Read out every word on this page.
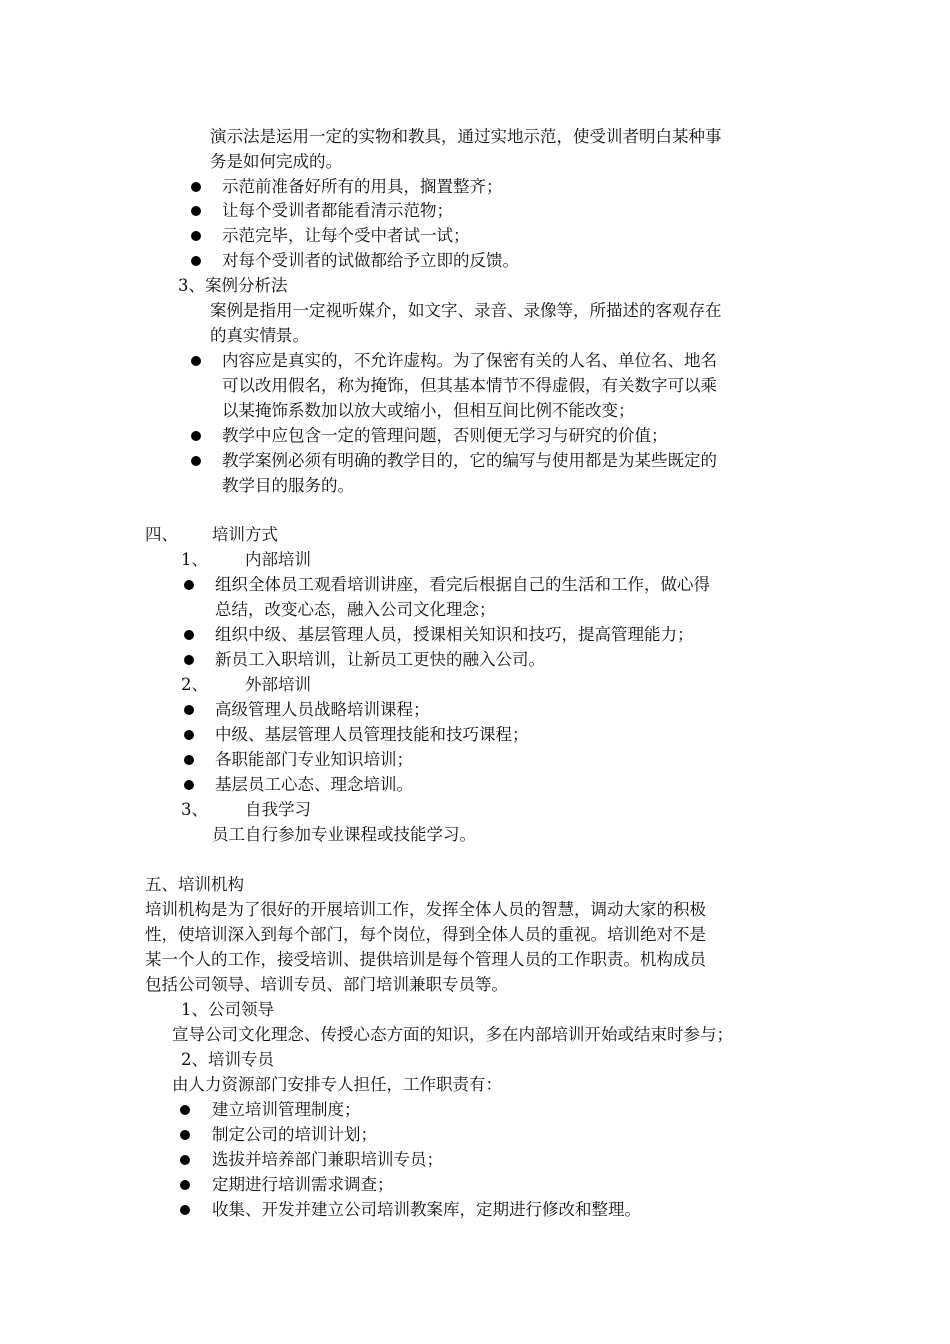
演示法是运用一定的实物和教具，通过实地示范，使受训者明白某种事
务是如何完成的。
示范前准备好所有的用具，搁置整齐；
让每个受训者都能看清示范物；
示范完毕，让每个受中者试一试；
对每个受训者的试做都给予立即的反馈。
3、案例分析法
案例是指用一定视听媒介，如文字、录音、录像等，所描述的客观存在
的真实情景。
内容应是真实的，不允许虚构。为了保密有关的人名、单位名、地名
可以改用假名，称为掩饰，但其基本情节不得虚假，有关数字可以乘
以某掩饰系数加以放大或缩小，但相互间比例不能改变；
教学中应包含一定的管理问题，否则便无学习与研究的价值；
教学案例必须有明确的教学目的，它的编写与使用都是为某些既定的
教学目的服务的。
四、 培训方式
1、 内部培训
组织全体员工观看培训讲座，看完后根据自己的生活和工作，做心得
总结，改变心态，融入公司文化理念；
组织中级、基层管理人员，授课相关知识和技巧，提高管理能力；
新员工入职培训，让新员工更快的融入公司。
2、 外部培训
高级管理人员战略培训课程；
中级、基层管理人员管理技能和技巧课程；
各职能部门专业知识培训；
基层员工心态、理念培训。
3、 自我学习
员工自行参加专业课程或技能学习。
五、培训机构
培训机构是为了很好的开展培训工作，发挥全体人员的智慧，调动大家的积极
性，使培训深入到每个部门，每个岗位，得到全体人员的重视。培训绝对不是
某一个人的工作，接受培训、提供培训是每个管理人员的工作职责。机构成员
包括公司领导、培训专员、部门培训兼职专员等。
1、公司领导
宣导公司文化理念、传授心态方面的知识，多在内部培训开始或结束时参与；
2、培训专员
由人力资源部门安排专人担任，工作职责有：
建立培训管理制度；
制定公司的培训计划；
选拔并培养部门兼职培训专员；
定期进行培训需求调查；
收集、开发并建立公司培训教案库，定期进行修改和整理。
